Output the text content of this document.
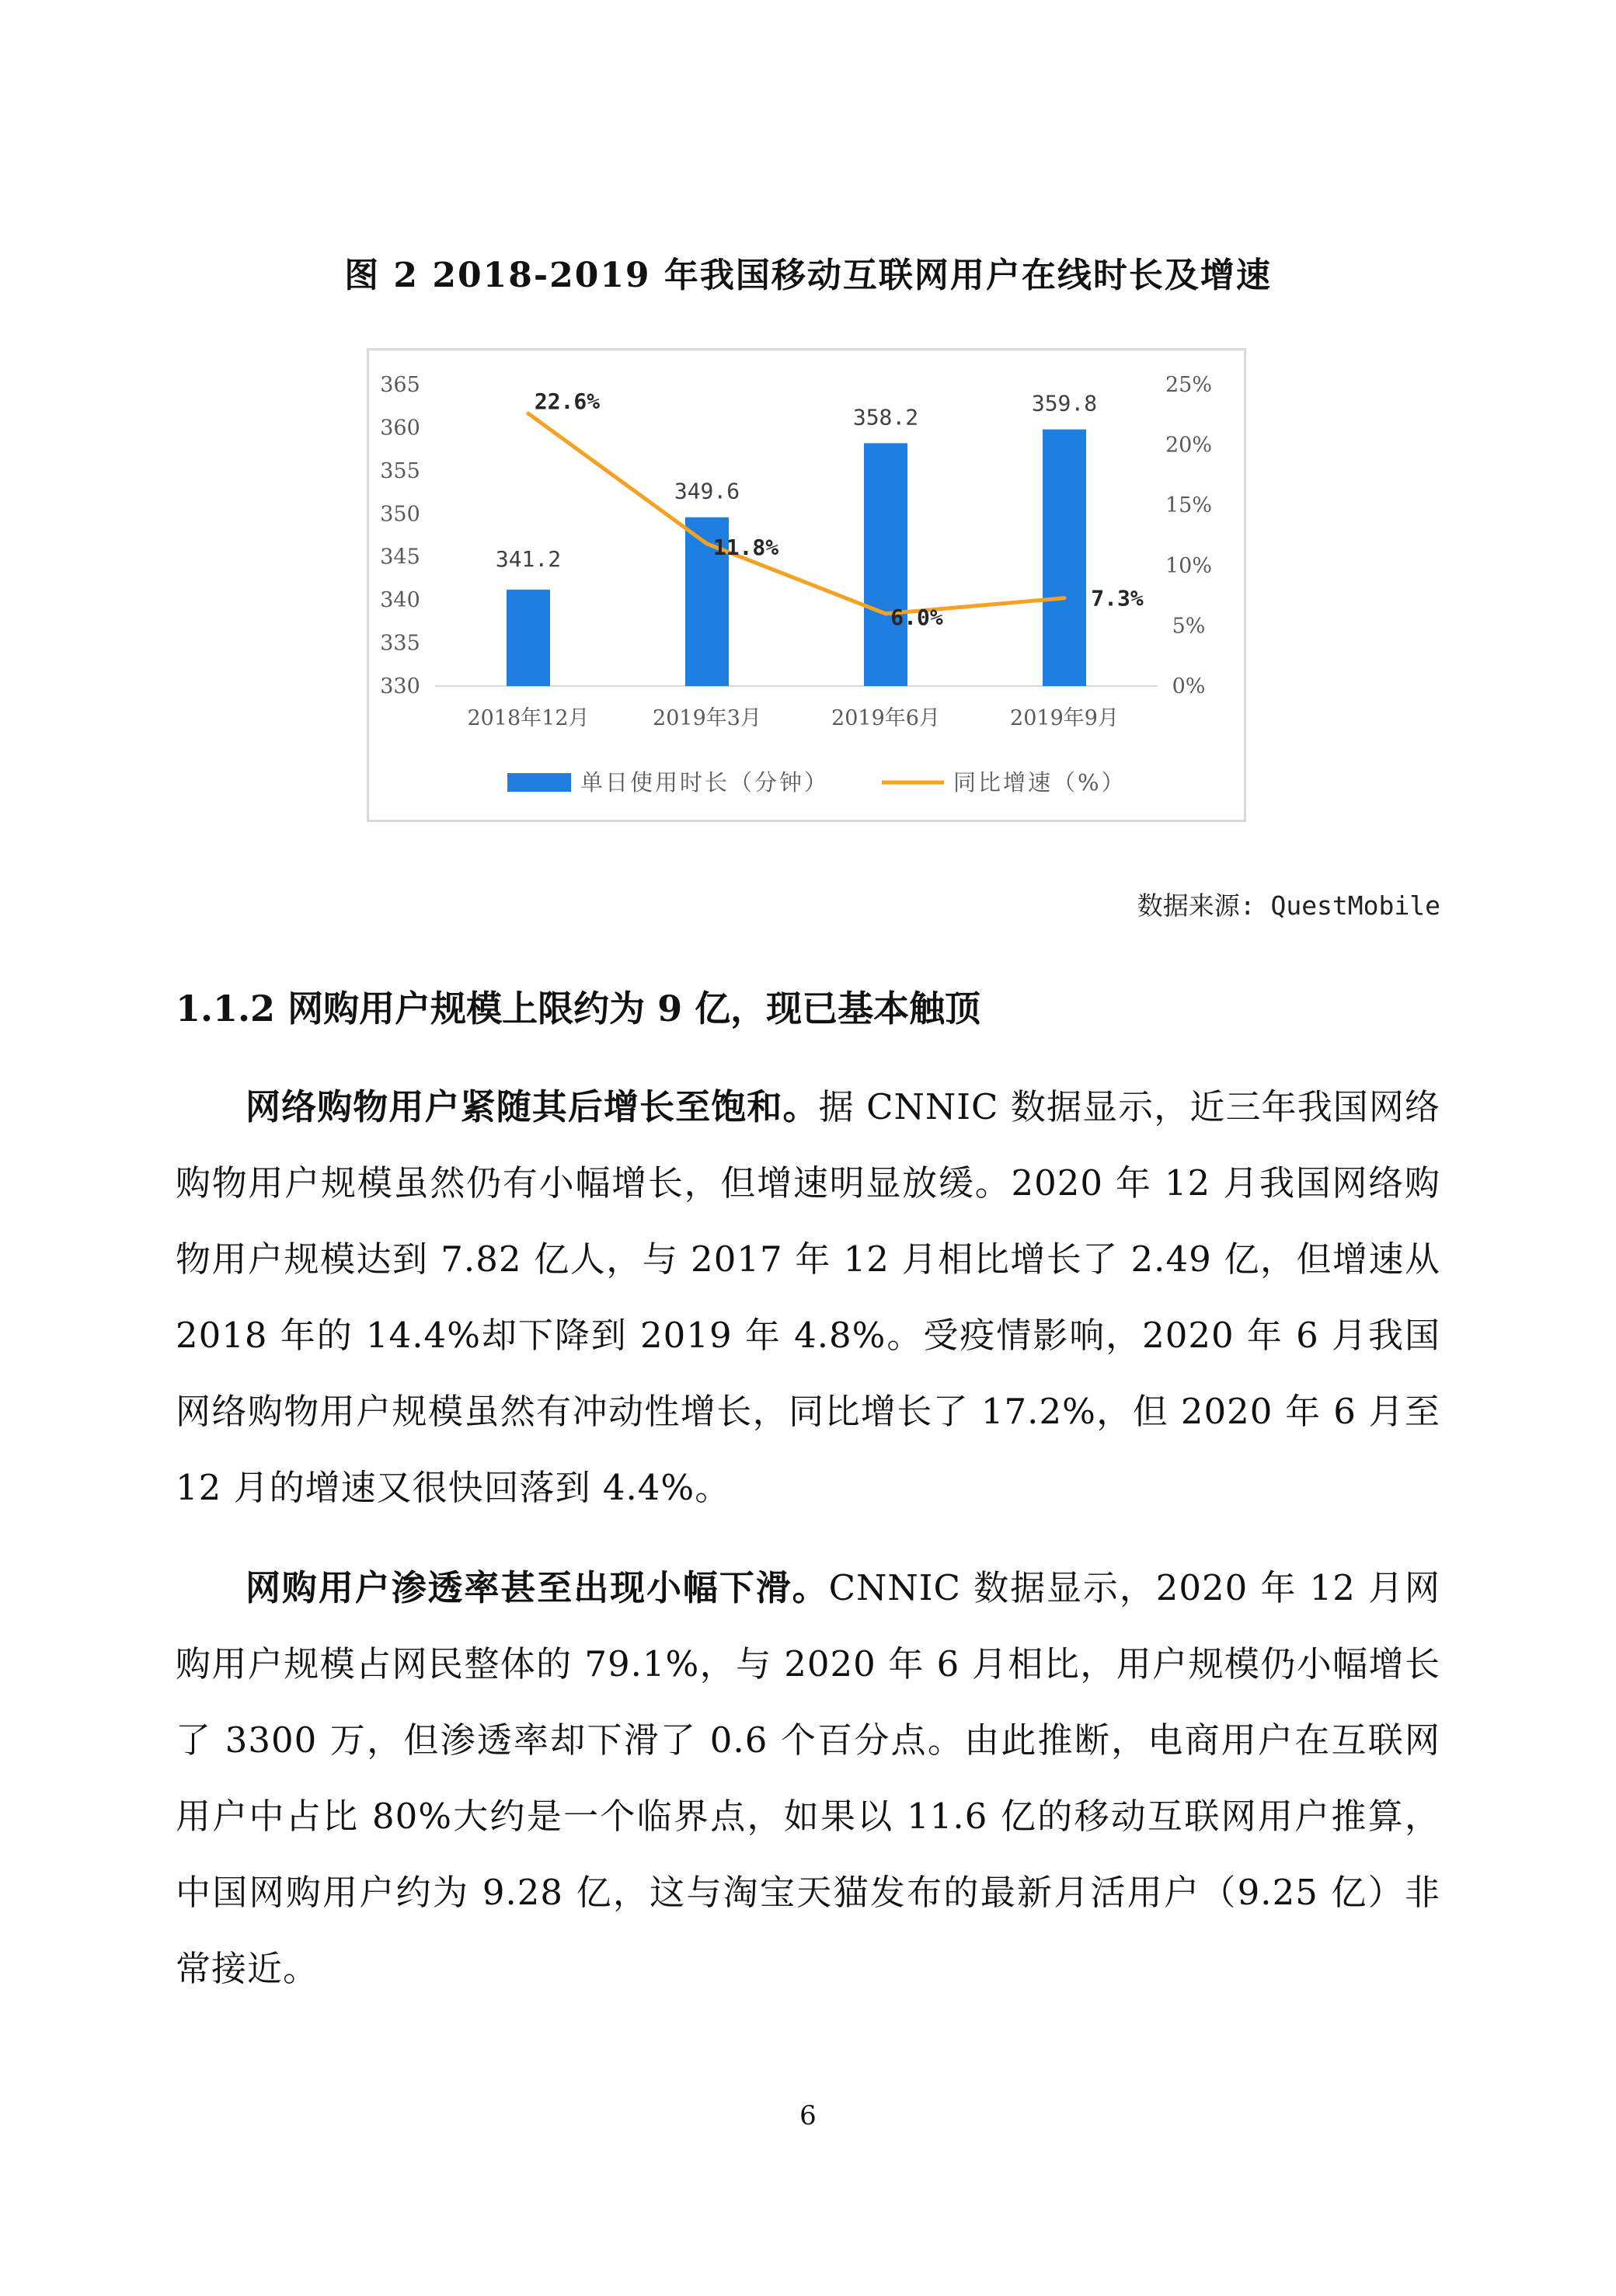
图 2 2018-2019 年我国移动互联网用户在线时长及增速
330
335
340
345
350
355
360
365
0%
5%
10%
15%
20%
25%
341.2
349.6
358.2
359.8
2018年12月	2019年3月	2019年6月	2019年9月
22.6%
11.8%
6.0%
7.3%
单日使用时长（分钟）	同比增速（%）
数据来源: QuestMobile
1.1.2 网购用户规模上限约为 9 亿，现已基本触顶

网络购物用户紧随其后增长至饱和。据 CNNIC 数据显示，近三年我国网络购物用户规模虽然仍有小幅增长，但增速明显放缓。2020 年 12 月我国网络购物用户规模达到 7.82 亿人，与 2017 年 12 月相比增长了 2.49 亿，但增速从 2018 年的 14.4%却下降到 2019 年 4.8%。受疫情影响，2020 年 6 月我国网络购物用户规模虽然有冲动性增长，同比增长了 17.2%，但 2020 年 6 月至 12 月的增速又很快回落到 4.4%。

网购用户渗透率甚至出现小幅下滑。CNNIC 数据显示，2020 年 12 月网购用户规模占网民整体的 79.1%，与 2020 年 6 月相比，用户规模仍小幅增长了 3300 万，但渗透率却下滑了 0.6 个百分点。由此推断，电商用户在互联网用户中占比 80%大约是一个临界点，如果以 11.6 亿的移动互联网用户推算，中国网购用户约为 9.28 亿，这与淘宝天猫发布的最新月活用户（9.25 亿）非常接近。

6
